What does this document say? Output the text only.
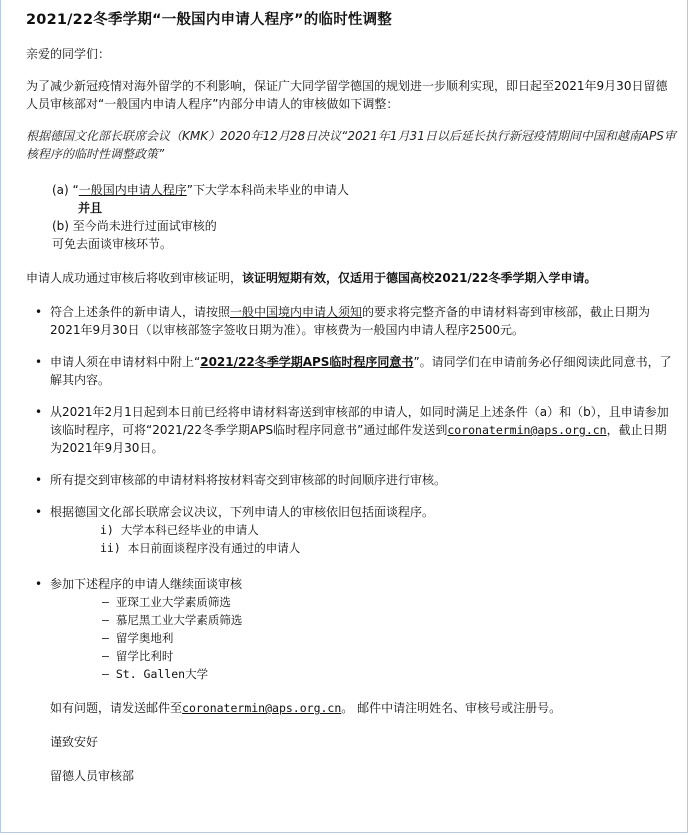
2021/22冬季学期“一般国内申请人程序”的临时性调整

亲爱的同学们：

为了减少新冠疫情对海外留学的不利影响，保证广大同学留学德国的规划进一步顺利实现，即日起至2021年9月30日留德人员审核部对“一般国内申请人程序”内部分申请人的审核做如下调整：

根据德国文化部长联席会议（KMK）2020年12月28日决议“2021年1月31日以后延长执行新冠疫情期间中国和越南APS审核程序的临时性调整政策”

(a) “一般国内申请人程序”下大学本科尚未毕业的申请人
并且
(b) 至今尚未进行过面试审核的
可免去面谈审核环节。

申请人成功通过审核后将收到审核证明，该证明短期有效，仅适用于德国高校2021/22冬季学期入学申请。

• 符合上述条件的新申请人，请按照一般中国境内申请人须知的要求将完整齐备的申请材料寄到审核部，截止日期为2021年9月30日（以审核部签字签收日期为准）。审核费为一般国内申请人程序2500元。
• 申请人须在申请材料中附上“2021/22冬季学期APS临时程序同意书”。请同学们在申请前务必仔细阅读此同意书，了解其内容。
• 从2021年2月1日起到本日前已经将申请材料寄送到审核部的申请人，如同时满足上述条件（a）和（b），且申请参加该临时程序，可将“2021/22冬季学期APS临时程序同意书”通过邮件发送到coronatermin@aps.org.cn，截止日期为2021年9月30日。
• 所有提交到审核部的申请材料将按材料寄交到审核部的时间顺序进行审核。
• 根据德国文化部长联席会议决议，下列申请人的审核依旧包括面谈程序。
i) 大学本科已经毕业的申请人
ii) 本日前面谈程序没有通过的申请人
• 参加下述程序的申请人继续面谈审核
– 亚琛工业大学素质筛选
– 慕尼黑工业大学素质筛选
– 留学奥地利
– 留学比利时
– St. Gallen大学

如有问题，请发送邮件至coronatermin@aps.org.cn。 邮件中请注明姓名、审核号或注册号。

谨致安好

留德人员审核部
